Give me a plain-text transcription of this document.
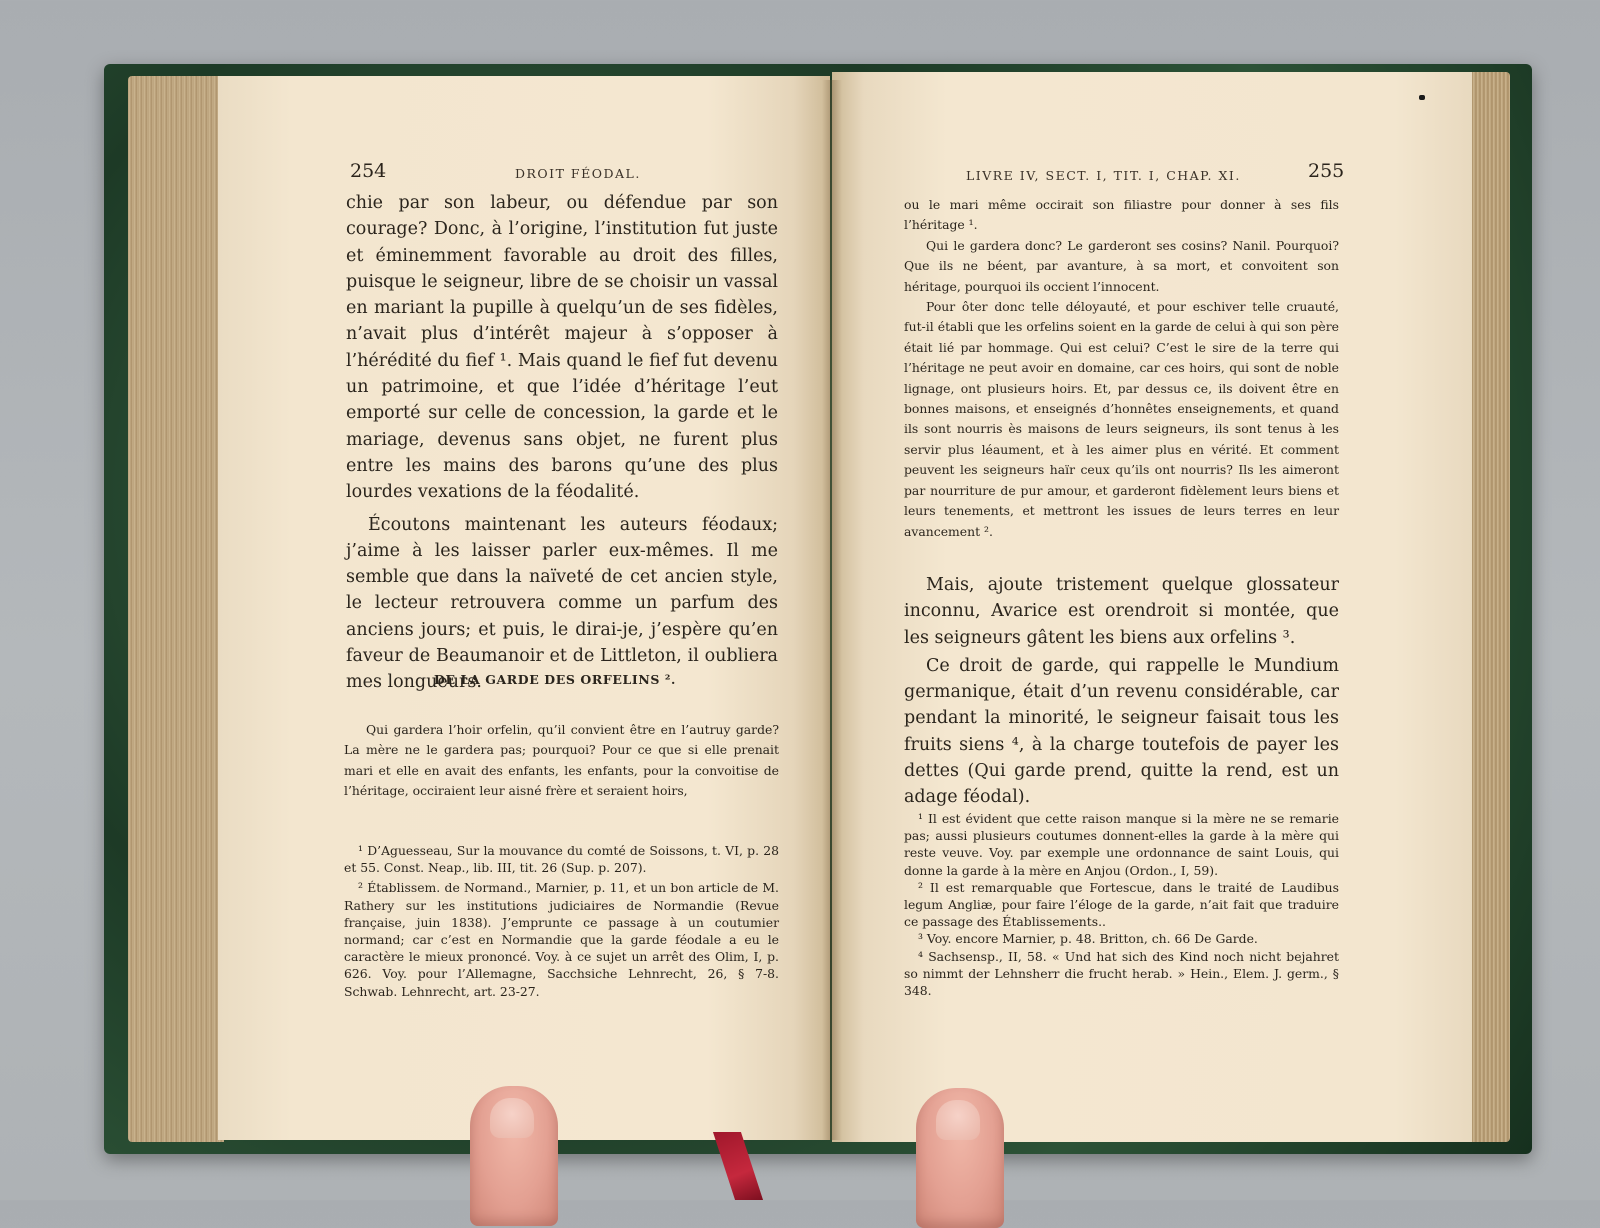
254	DROIT FÉODAL.

chie par son labeur, ou défendue par son courage? Donc, à l’origine, l’institution fut juste et éminemment favorable au droit des filles, puisque le seigneur, libre de se choisir un vassal en mariant la pupille à quelqu’un de ses fidèles, n’avait plus d’intérêt majeur à s’opposer à l’hérédité du fief ¹. Mais quand le fief fut devenu un patrimoine, et que l’idée d’héritage l’eut emporté sur celle de concession, la garde et le mariage, devenus sans objet, ne furent plus entre les mains des barons qu’une des plus lourdes vexations de la féodalité.

Écoutons maintenant les auteurs féodaux; j’aime à les laisser parler eux-mêmes. Il me semble que dans la naïveté de cet ancien style, le lecteur retrouvera comme un parfum des anciens jours; et puis, le dirai-je, j’espère qu’en faveur de Beaumanoir et de Littleton, il oubliera mes longueurs.

DE LA GARDE DES ORFELINS ².

Qui gardera l’hoir orfelin, qu’il convient être en l’autruy garde? La mère ne le gardera pas; pourquoi? Pour ce que si elle prenait mari et elle en avait des enfants, les enfants, pour la convoitise de l’héritage, occiraient leur aisné frère et seraient hoirs,

¹ D’Aguesseau, Sur la mouvance du comté de Soissons, t. VI, p. 28 et 55. Const. Neap., lib. III, tit. 26 (Sup. p. 207).

² Établissem. de Normand., Marnier, p. 11, et un bon article de M. Rathery sur les institutions judiciaires de Normandie (Revue française, juin 1838). J’emprunte ce passage à un coutumier normand; car c’est en Normandie que la garde féodale a eu le caractère le mieux prononcé. Voy. à ce sujet un arrêt des Olim, I, p. 626. Voy. pour l’Allemagne, Sacchsiche Lehnrecht, 26, § 7-8. Schwab. Lehnrecht, art. 23-27.

LIVRE IV, SECT. I, TIT. I, CHAP. XI.	255

ou le mari même occirait son filiastre pour donner à ses fils l’héritage ¹.

Qui le gardera donc? Le garderont ses cosins? Nanil. Pourquoi? Que ils ne béent, par avanture, à sa mort, et convoitent son héritage, pourquoi ils occient l’innocent.

Pour ôter donc telle déloyauté, et pour eschiver telle cruauté, fut-il établi que les orfelins soient en la garde de celui à qui son père était lié par hommage. Qui est celui? C’est le sire de la terre qui l’héritage ne peut avoir en domaine, car ces hoirs, qui sont de noble lignage, ont plusieurs hoirs. Et, par dessus ce, ils doivent être en bonnes maisons, et enseignés d’honnêtes enseignements, et quand ils sont nourris ès maisons de leurs seigneurs, ils sont tenus à les servir plus léaument, et à les aimer plus en vérité. Et comment peuvent les seigneurs haïr ceux qu’ils ont nourris? Ils les aimeront par nourriture de pur amour, et garderont fidèlement leurs biens et leurs tenements, et mettront les issues de leurs terres en leur avancement ².

Mais, ajoute tristement quelque glossateur inconnu, Avarice est orendroit si montée, que les seigneurs gâtent les biens aux orfelins ³.

Ce droit de garde, qui rappelle le Mundium germanique, était d’un revenu considérable, car pendant la minorité, le seigneur faisait tous les fruits siens ⁴, à la charge toutefois de payer les dettes (Qui garde prend, quitte la rend, est un adage féodal).

¹ Il est évident que cette raison manque si la mère ne se remarie pas; aussi plusieurs coutumes donnent-elles la garde à la mère qui reste veuve. Voy. par exemple une ordonnance de saint Louis, qui donne la garde à la mère en Anjou (Ordon., I, 59).

² Il est remarquable que Fortescue, dans le traité de Laudibus legum Angliæ, pour faire l’éloge de la garde, n’ait fait que traduire ce passage des Établissements..

³ Voy. encore Marnier, p. 48. Britton, ch. 66 De Garde.

⁴ Sachsensp., II, 58. « Und hat sich des Kind noch nicht bejahret so nimmt der Lehnsherr die frucht herab. » Hein., Elem. J. germ., § 348.
